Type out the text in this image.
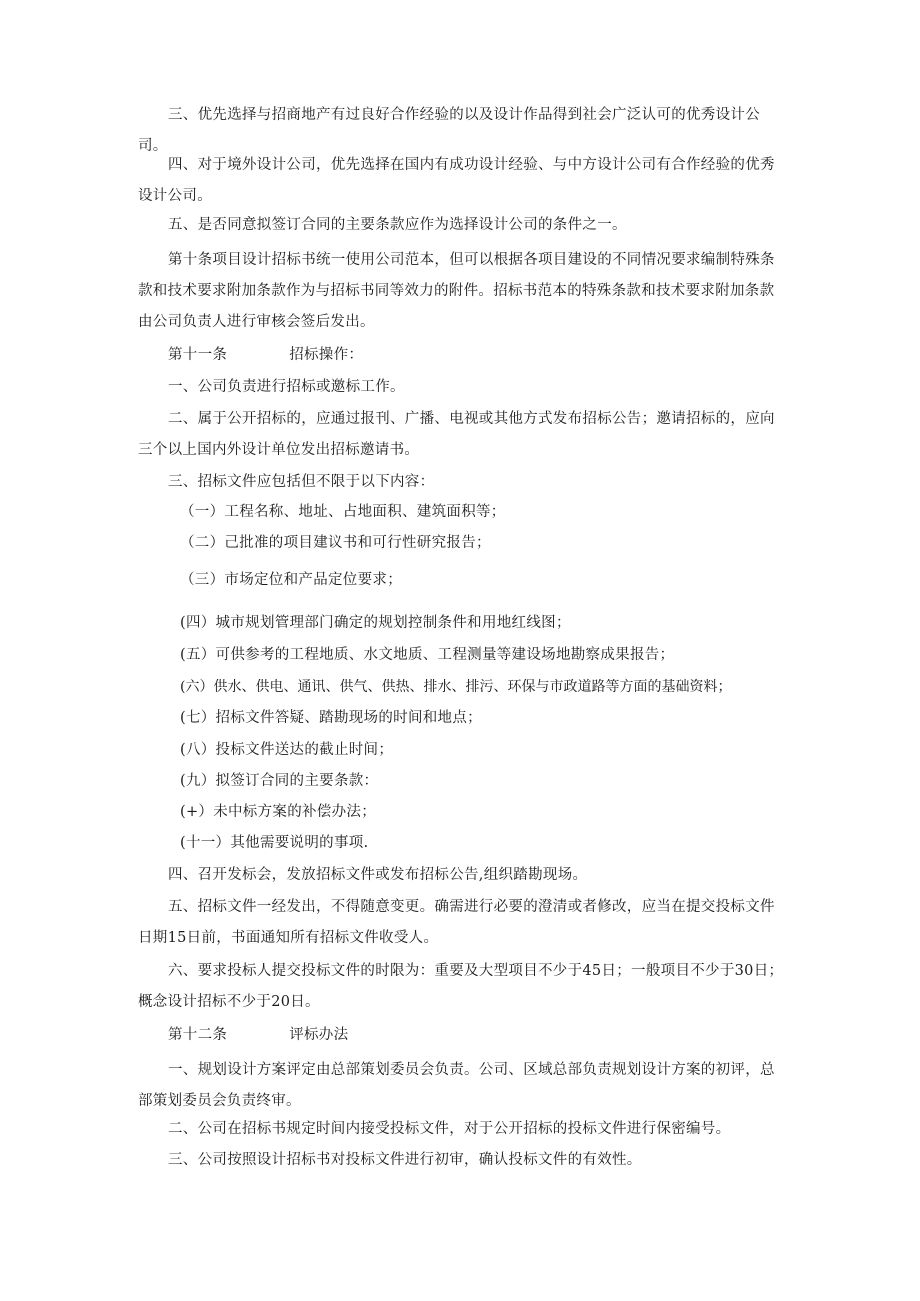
三、优先选择与招商地产有过良好合作经验的以及设计作品得到社会广泛认可的优秀设计公司。

四、对于境外设计公司，优先选择在国内有成功设计经验、与中方设计公司有合作经验的优秀设计公司。

五、是否同意拟签订合同的主要条款应作为选择设计公司的条件之一。

第十条项目设计招标书统一使用公司范本，但可以根据各项目建设的不同情况要求编制特殊条款和技术要求附加条款作为与招标书同等效力的附件。招标书范本的特殊条款和技术要求附加条款由公司负责人进行审核会签后发出。

第十一条	招标操作：

一、公司负责进行招标或邀标工作。

二、属于公开招标的，应通过报刊、广播、电视或其他方式发布招标公告；邀请招标的，应向三个以上国内外设计单位发出招标邀请书。

三、招标文件应包括但不限于以下内容：

（一）工程名称、地址、占地面积、建筑面积等；

（二）己批准的项目建议书和可行性研究报告；

（三）市场定位和产品定位要求；

(四）城市规划管理部门确定的规划控制条件和用地红线图；

(五）可供参考的工程地质、水文地质、工程测量等建设场地勘察成果报告；

(六）供水、供电、通讯、供气、供热、排水、排污、环保与市政道路等方面的基础资料；

(七）招标文件答疑、踏勘现场的时间和地点；

(八）投标文件送达的截止时间；

(九）拟签订合同的主要条款：

(+）未中标方案的补偿办法；

(十一）其他需要说明的事项.

四、召开发标会，发放招标文件或发布招标公告,组织踏勘现场。

五、招标文件一经发出，不得随意变更。确需进行必要的澄清或者修改，应当在提交投标文件日期15日前，书面通知所有招标文件收受人。

六、要求投标人提交投标文件的时限为：重要及大型项目不少于45日；一般项目不少于30日；概念设计招标不少于20日。

第十二条	评标办法

一、规划设计方案评定由总部策划委员会负责。公司、区域总部负责规划设计方案的初评，总部策划委员会负责终审。

二、公司在招标书规定时间内接受投标文件，对于公开招标的投标文件进行保密编号。

三、公司按照设计招标书对投标文件进行初审，确认投标文件的有效性。
